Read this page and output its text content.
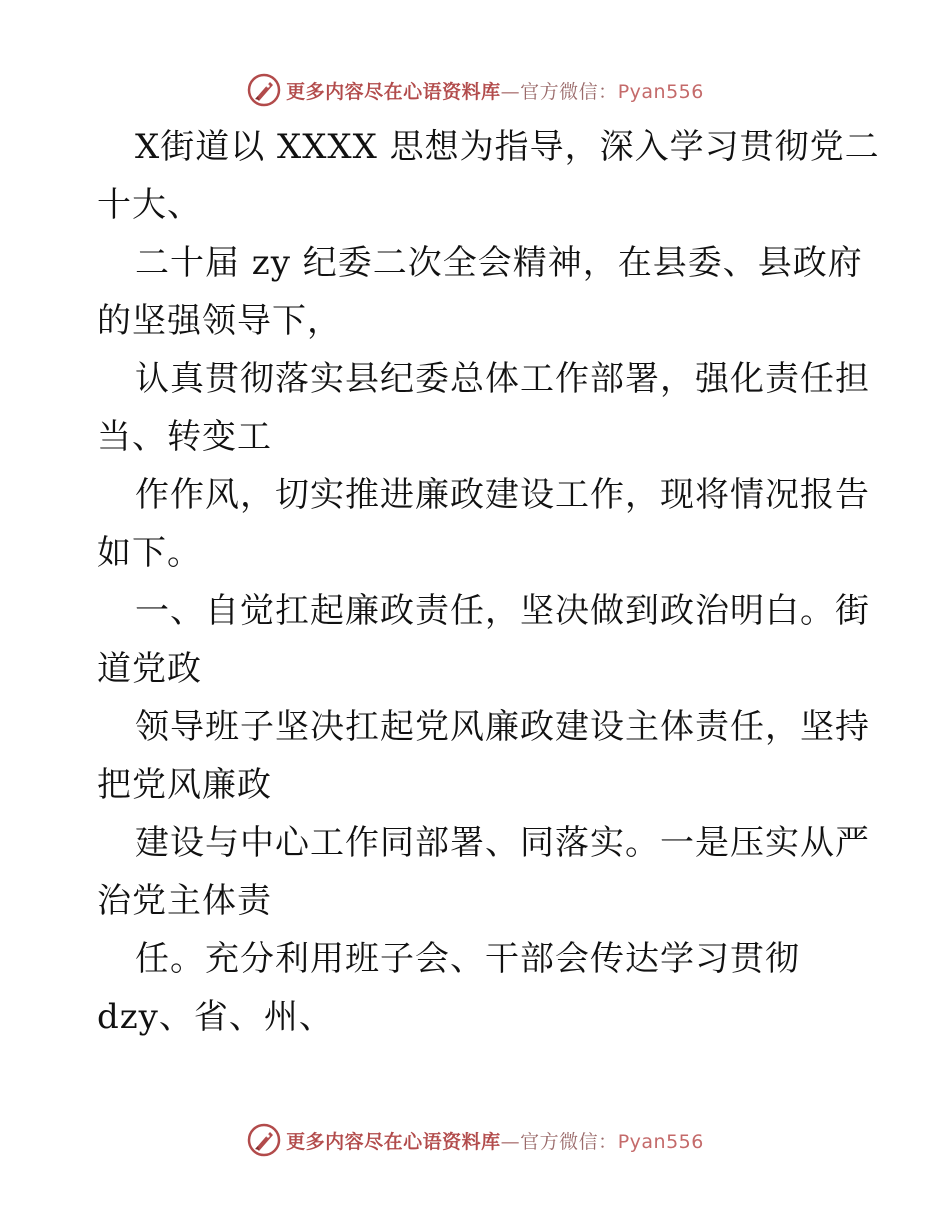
更多内容尽在心语资料库—官方微信：Pyan556
X街道以 XXXX 思想为指导，深入学习贯彻党二
十大、
二十届 zy 纪委二次全会精神，在县委、县政府
的坚强领导下，
认真贯彻落实县纪委总体工作部署，强化责任担
当、转变工
作作风，切实推进廉政建设工作，现将情况报告
如下。
一、自觉扛起廉政责任，坚决做到政治明白。街
道党政
领导班子坚决扛起党风廉政建设主体责任，坚持
把党风廉政
建设与中心工作同部署、同落实。一是压实从严
治党主体责
任。充分利用班子会、干部会传达学习贯彻
dzy、省、州、
更多内容尽在心语资料库—官方微信：Pyan556
